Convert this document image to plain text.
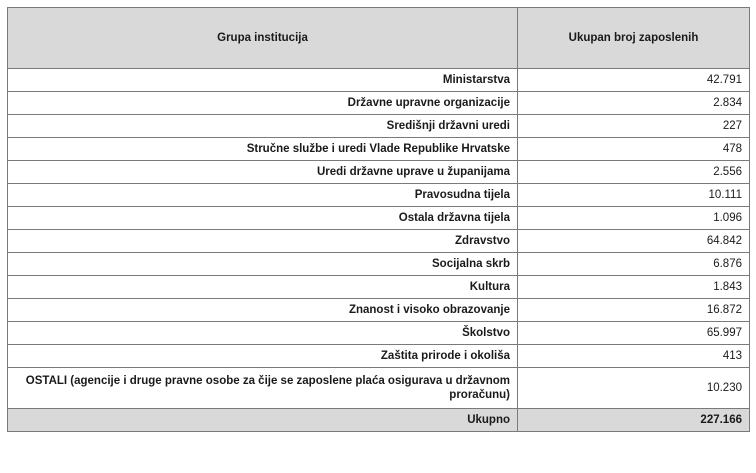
Grupa institucija	Ukupan broj zaposlenih
Ministarstva	42.791
Državne upravne organizacije	2.834
Središnji državni uredi	227
Stručne službe i uredi Vlade Republike Hrvatske	478
Uredi državne uprave u županijama	2.556
Pravosudna tijela	10.111
Ostala državna tijela	1.096
Zdravstvo	64.842
Socijalna skrb	6.876
Kultura	1.843
Znanost i visoko obrazovanje	16.872
Školstvo	65.997
Zaštita prirode i okoliša	413
OSTALI (agencije i druge pravne osobe za čije se zaposlene plaća osigurava u državnom proračunu)	10.230
Ukupno	227.166
